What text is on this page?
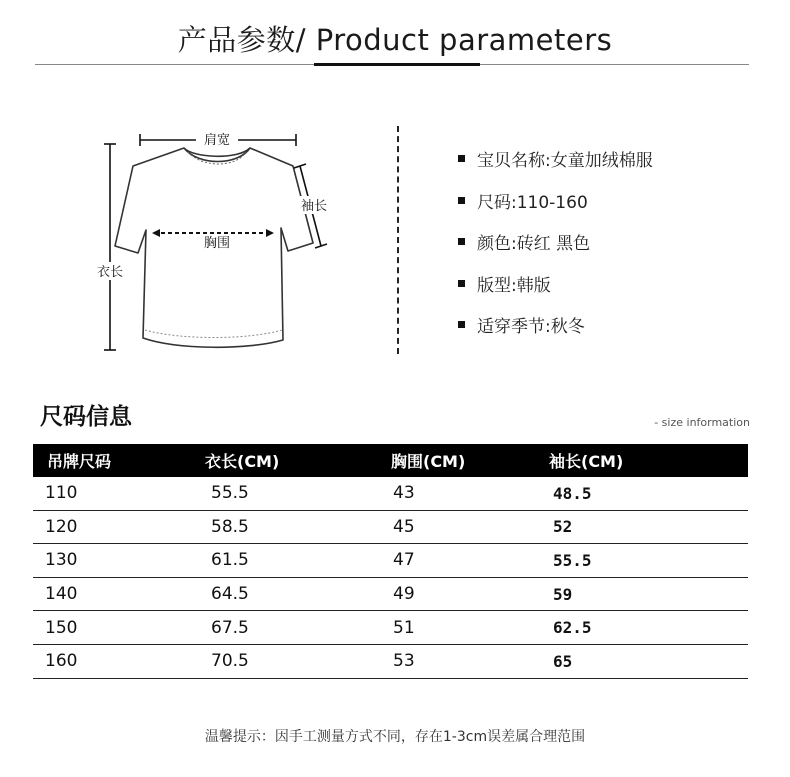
产品参数/ Product parameters
肩宽
胸围
袖长
衣长
宝贝名称:女童加绒棉服
尺码:110-160
颜色:砖红 黑色
版型:韩版
适穿季节:秋冬
尺码信息	- size information
吊牌尺码	衣长(CM)	胸围(CM)	袖长(CM)
110	55.5	43	48.5
120	58.5	45	52
130	61.5	47	55.5
140	64.5	49	59
150	67.5	51	62.5
160	70.5	53	65
温馨提示：因手工测量方式不同，存在1-3cm误差属合理范围
